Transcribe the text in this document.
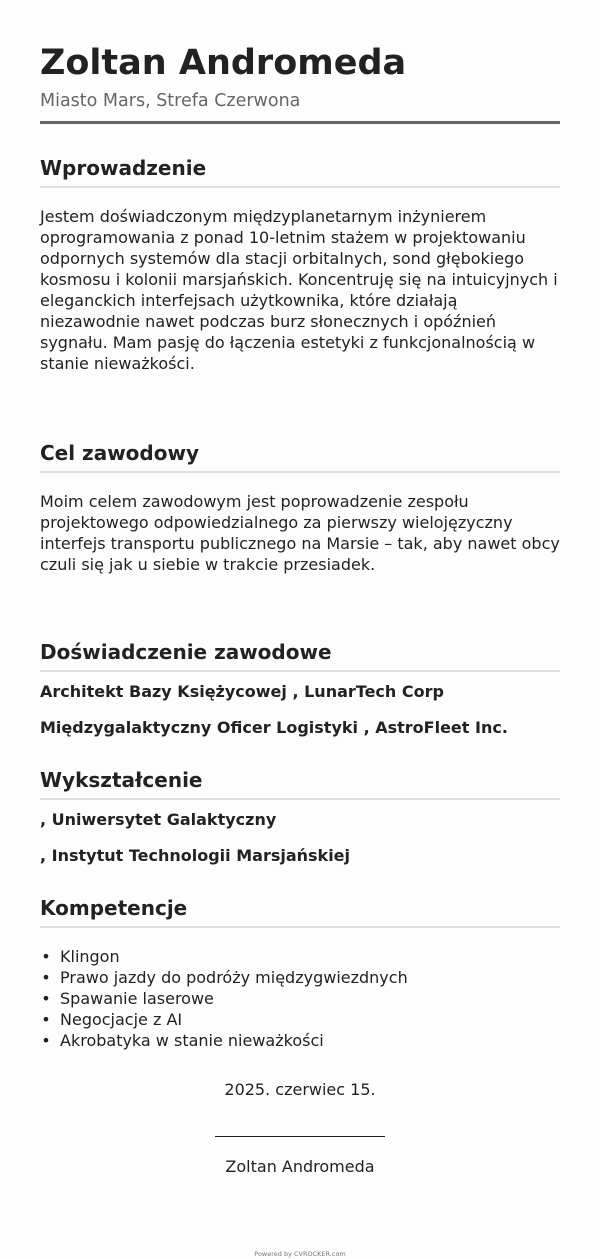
Zoltan Andromeda
Miasto Mars, Strefa Czerwona
Wprowadzenie
Jestem doświadczonym międzyplanetarnym inżynierem oprogramowania z ponad 10-letnim stażem w projektowaniu odpornych systemów dla stacji orbitalnych, sond głębokiego kosmosu i kolonii marsjańskich. Koncentruję się na intuicyjnych i eleganckich interfejsach użytkownika, które działają niezawodnie nawet podczas burz słonecznych i opóźnień sygnału. Mam pasję do łączenia estetyki z funkcjonalnością w stanie nieważkości.
Cel zawodowy
Moim celem zawodowym jest poprowadzenie zespołu projektowego odpowiedzialnego za pierwszy wielojęzyczny interfejs transportu publicznego na Marsie – tak, aby nawet obcy czuli się jak u siebie w trakcie przesiadek.
Doświadczenie zawodowe
Architekt Bazy Księżycowej , LunarTech Corp
Międzygalaktyczny Oficer Logistyki , AstroFleet Inc.
Wykształcenie
, Uniwersytet Galaktyczny
, Instytut Technologii Marsjańskiej
Kompetencje
• Klingon
• Prawo jazdy do podróży międzygwiezdnych
• Spawanie laserowe
• Negocjacje z AI
• Akrobatyka w stanie nieważkości
2025. czerwiec 15.
Zoltan Andromeda
Powered by CVROCKER.com
